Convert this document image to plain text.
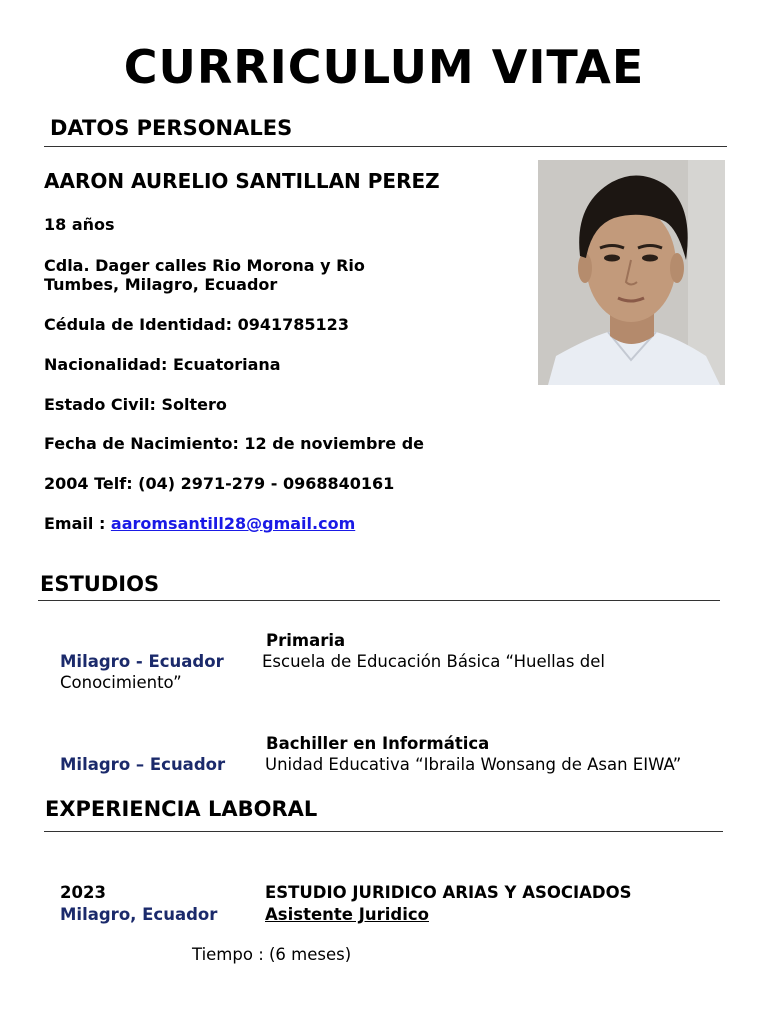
CURRICULUM VITAE
DATOS PERSONALES
AARON AURELIO SANTILLAN PEREZ
18 años
Cdla. Dager calles Rio Morona y Rio
Tumbes, Milagro, Ecuador
Cédula de Identidad: 0941785123
Nacionalidad: Ecuatoriana
Estado Civil: Soltero
Fecha de Nacimiento: 12 de noviembre de
2004 Telf: (04) 2971-279 - 0968840161
Email : aaromsantill28@gmail.com
ESTUDIOS
Primaria
Milagro - Ecuador Escuela de Educación Básica “Huellas del
Conocimiento”
Bachiller en Informática
Milagro – Ecuador Unidad Educativa “Ibraila Wonsang de Asan EIWA”
EXPERIENCIA LABORAL
2023
Milagro, Ecuador
ESTUDIO JURIDICO ARIAS Y ASOCIADOS
Asistente Juridico
Tiempo : (6 meses)
